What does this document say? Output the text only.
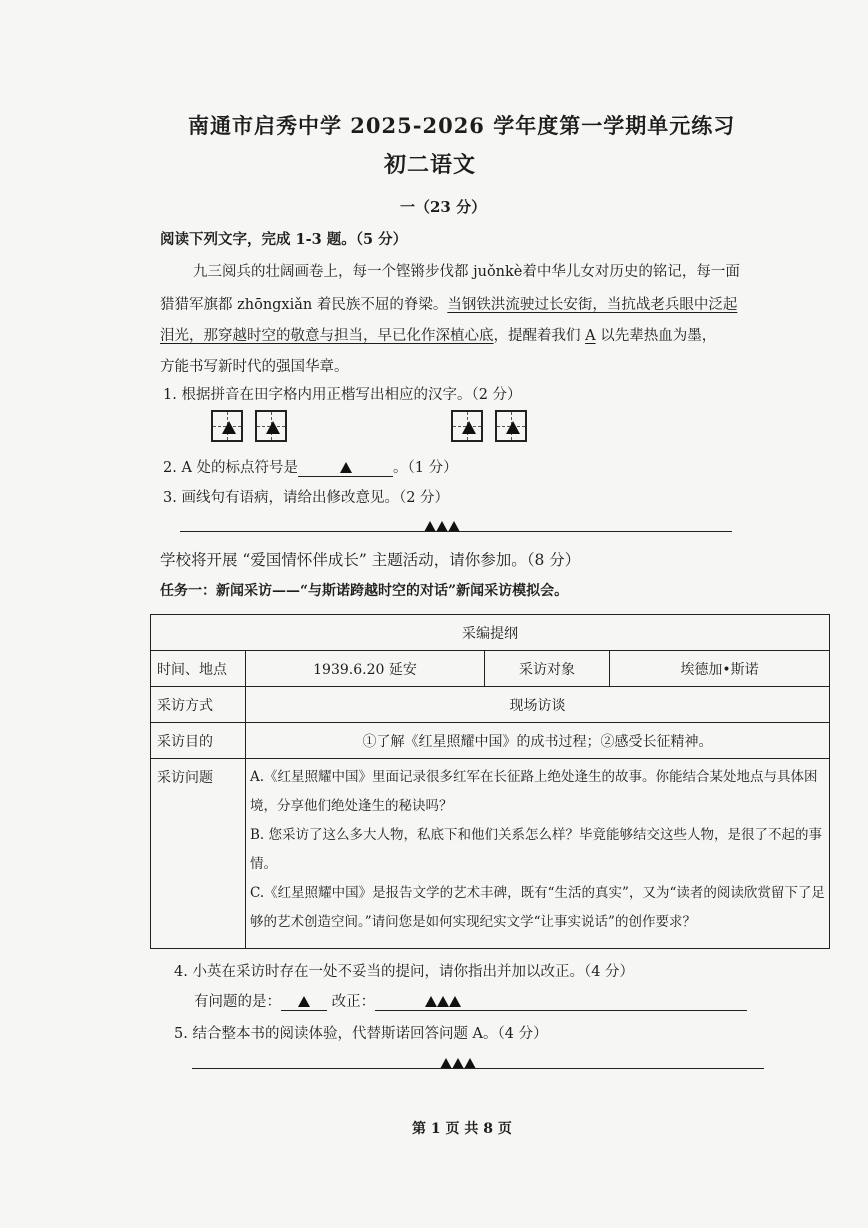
南通市启秀中学 2025-2026 学年度第一学期单元练习
初二语文
一（23 分）
阅读下列文字，完成 1-3 题。（5 分）
九三阅兵的壮阔画卷上，每一个铿锵步伐都 juǒnkè着中华儿女对历史的铭记，每一面
猎猎军旗都 zhōngxiǎn 着民族不屈的脊梁。当钢铁洪流驶过长安街，当抗战老兵眼中泛起
泪光，那穿越时空的敬意与担当，早已化作深植心底，提醒着我们 A 以先辈热血为墨，
方能书写新时代的强国华章。
1. 根据拼音在田字格内用正楷写出相应的汉字。（2 分）
2. A 处的标点符号是	。（1 分）
3. 画线句有语病，请给出修改意见。（2 分）
学校将开展 “爱国情怀伴成长” 主题活动，请你参加。（8 分）
任务一：新闻采访——“与斯诺跨越时空的对话”新闻采访模拟会。
采编提纲			
时间、地点	1939.6.20 延安	采访对象	埃德加•斯诺
采访方式	现场访谈		
采访目的	①了解《红星照耀中国》的成书过程；②感受长征精神。		
采访问题	A.《红星照耀中国》里面记录很多红军在长征路上绝处逢生的故事。你能结合某处地点与具体困境，分享他们绝处逢生的秘诀吗？
B. 您采访了这么多大人物，私底下和他们关系怎么样？毕竟能够结交这些人物，是很了不起的事情。
C.《红星照耀中国》是报告文学的艺术丰碑，既有“生活的真实”，又为“读者的阅读欣赏留下了足够的艺术创造空间。”请问您是如何实现纪实文学“让事实说话”的创作要求？		
4. 小英在采访时存在一处不妥当的提问，请你指出并加以改正。（4 分）
有问题的是：	改正：
5. 结合整本书的阅读体验，代替斯诺回答问题 A。（4 分）
第 1 页 共 8 页
